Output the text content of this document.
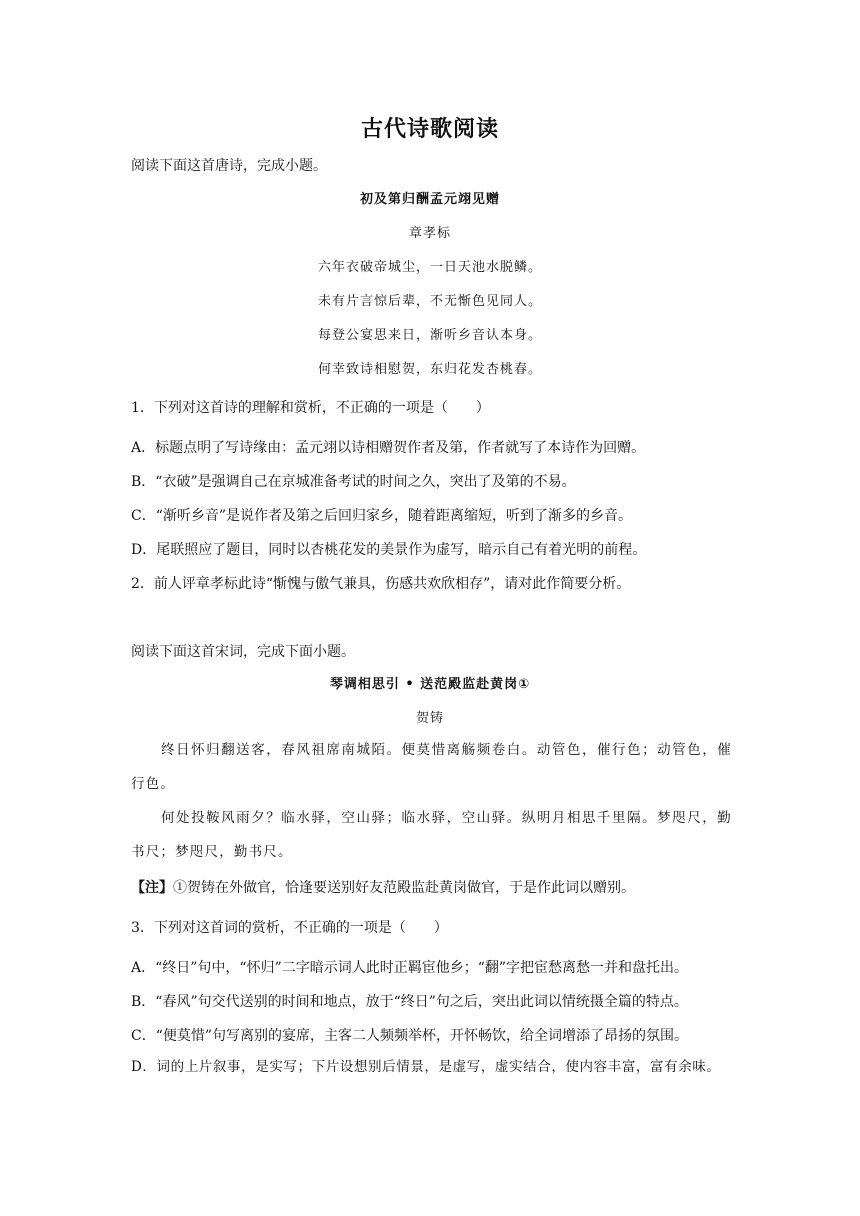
古代诗歌阅读
阅读下面这首唐诗，完成小题。
初及第归酬孟元翊见赠
章孝标
六年衣破帝城尘，一日天池水脱鳞。
未有片言惊后辈，不无惭色见同人。
每登公宴思来日，渐听乡音认本身。
何幸致诗相慰贺，东归花发杏桃春。
1．下列对这首诗的理解和赏析，不正确的一项是（　　）
A．标题点明了写诗缘由：孟元翊以诗相赠贺作者及第，作者就写了本诗作为回赠。
B．“衣破”是强调自己在京城准备考试的时间之久，突出了及第的不易。
C．“渐听乡音”是说作者及第之后回归家乡，随着距离缩短，听到了渐多的乡音。
D．尾联照应了题目，同时以杏桃花发的美景作为虚写，暗示自己有着光明的前程。
2．前人评章孝标此诗“惭愧与傲气兼具，伤感共欢欣相存”，请对此作简要分析。
阅读下面这首宋词，完成下面小题。
琴调相思引 • 送范殿监赴黄岗①
贺铸
终日怀归翻送客，春风祖席南城陌。便莫惜离觞频卷白。动管色，催行色；动管色，催行色。
何处投鞍风雨夕？临水驿，空山驿；临水驿，空山驿。纵明月相思千里隔。梦咫尺，勤书尺；梦咫尺，勤书尺。
【注】①贺铸在外做官，恰逢要送别好友范殿监赴黄岗做官，于是作此词以赠别。
3．下列对这首词的赏析，不正确的一项是（　　）
A．“终日”句中，“怀归”二字暗示词人此时正羁宦他乡；“翻”字把宦愁离愁一并和盘托出。
B．“春风”句交代送别的时间和地点，放于“终日”句之后，突出此词以情统摄全篇的特点。
C．“便莫惜”句写离别的宴席，主客二人频频举杯，开怀畅饮，给全词增添了昂扬的氛围。
D．词的上片叙事，是实写；下片设想别后情景，是虚写，虚实结合，使内容丰富，富有余味。
